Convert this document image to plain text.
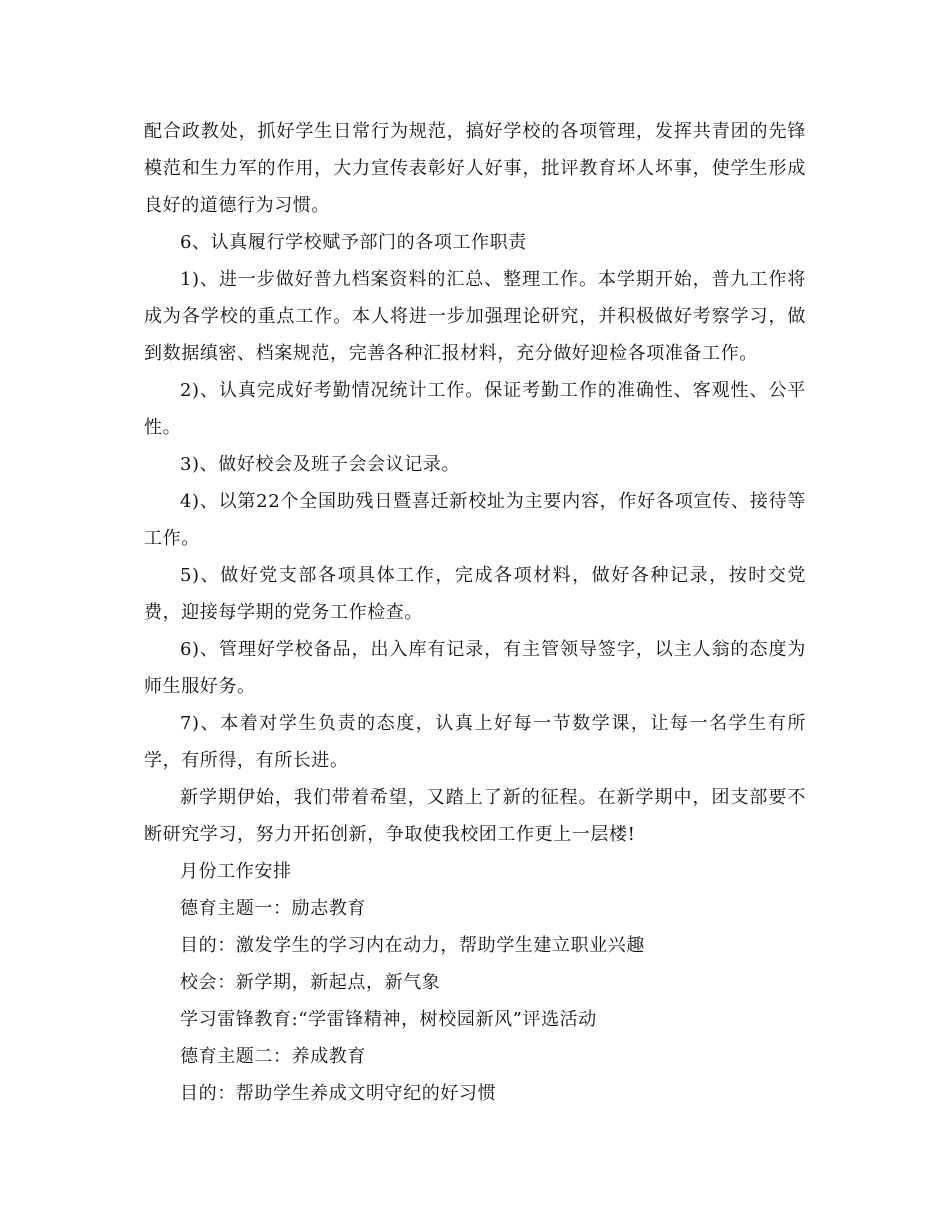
配合政教处，抓好学生日常行为规范，搞好学校的各项管理，发挥共青团的先锋模范和生力军的作用，大力宣传表彰好人好事，批评教育坏人坏事，使学生形成良好的道德行为习惯。

6、认真履行学校赋予部门的各项工作职责

1)、进一步做好普九档案资料的汇总、整理工作。本学期开始，普九工作将成为各学校的重点工作。本人将进一步加强理论研究，并积极做好考察学习，做到数据缜密、档案规范，完善各种汇报材料，充分做好迎检各项准备工作。

2)、认真完成好考勤情况统计工作。保证考勤工作的准确性、客观性、公平性。

3)、做好校会及班子会会议记录。

4)、以第22个全国助残日暨喜迁新校址为主要内容，作好各项宣传、接待等工作。

5)、做好党支部各项具体工作，完成各项材料，做好各种记录，按时交党费，迎接每学期的党务工作检查。

6)、管理好学校备品，出入库有记录，有主管领导签字，以主人翁的态度为师生服好务。

7)、本着对学生负责的态度，认真上好每一节数学课，让每一名学生有所学，有所得，有所长进。

新学期伊始，我们带着希望，又踏上了新的征程。在新学期中，团支部要不断研究学习，努力开拓创新，争取使我校团工作更上一层楼!

月份工作安排

德育主题一：励志教育

目的：激发学生的学习内在动力，帮助学生建立职业兴趣

校会：新学期，新起点，新气象

学习雷锋教育:“学雷锋精神，树校园新风”评选活动

德育主题二：养成教育

目的：帮助学生养成文明守纪的好习惯
